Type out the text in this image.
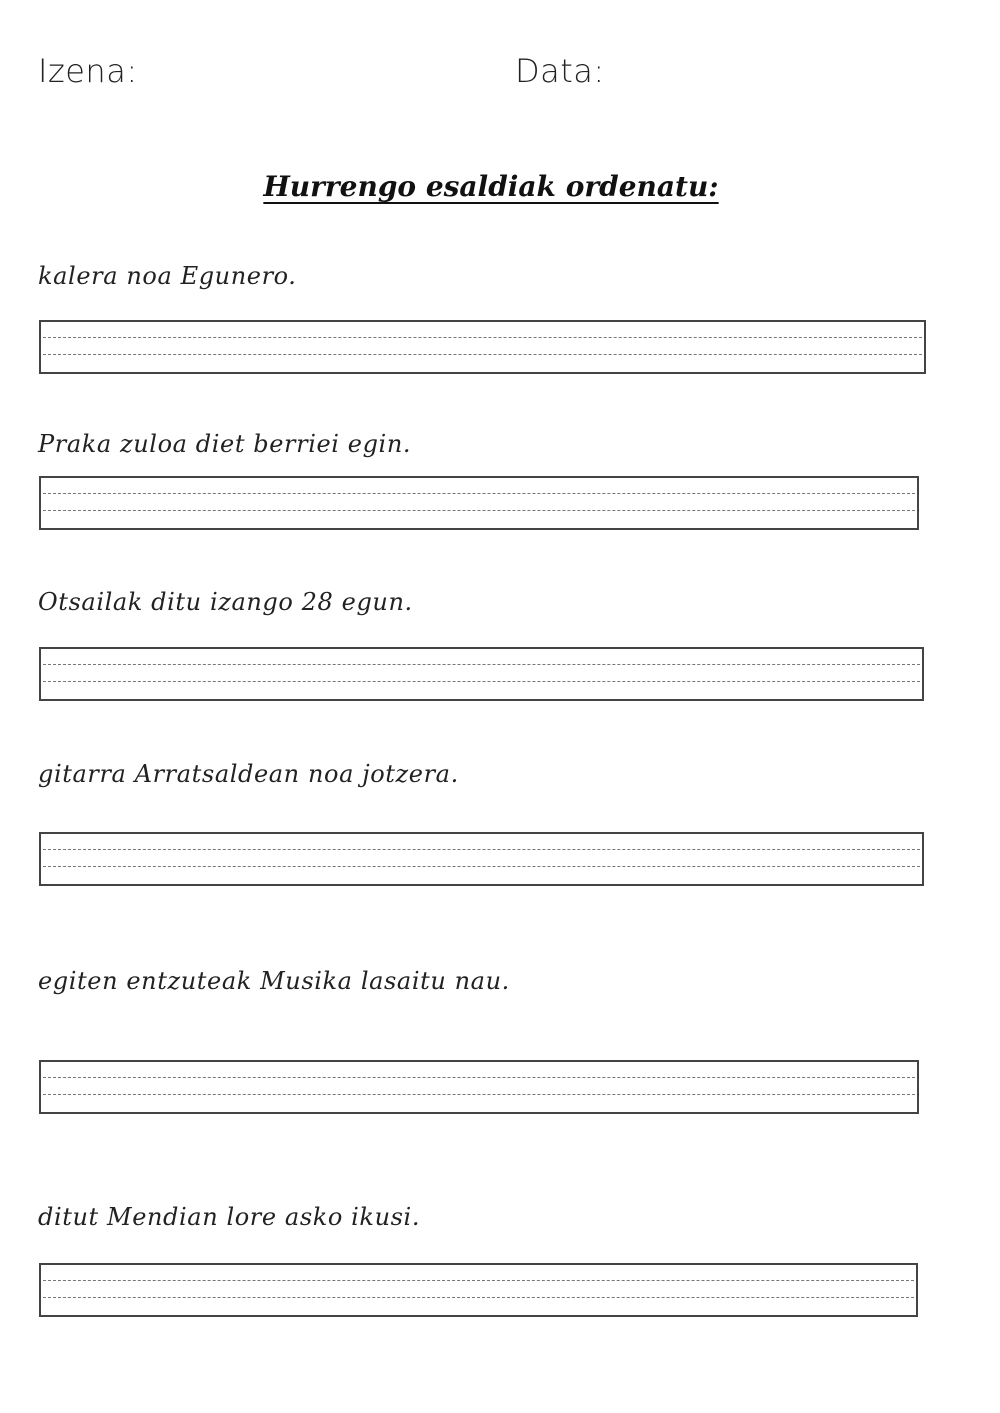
Izena:	Data:
Hurrengo esaldiak ordenatu:
kalera noa Egunero.
Praka zuloa diet berriei egin.
Otsailak ditu izango 28 egun.
gitarra Arratsaldean noa jotzera.
egiten entzuteak Musika lasaitu nau.
ditut Mendian lore asko ikusi.
